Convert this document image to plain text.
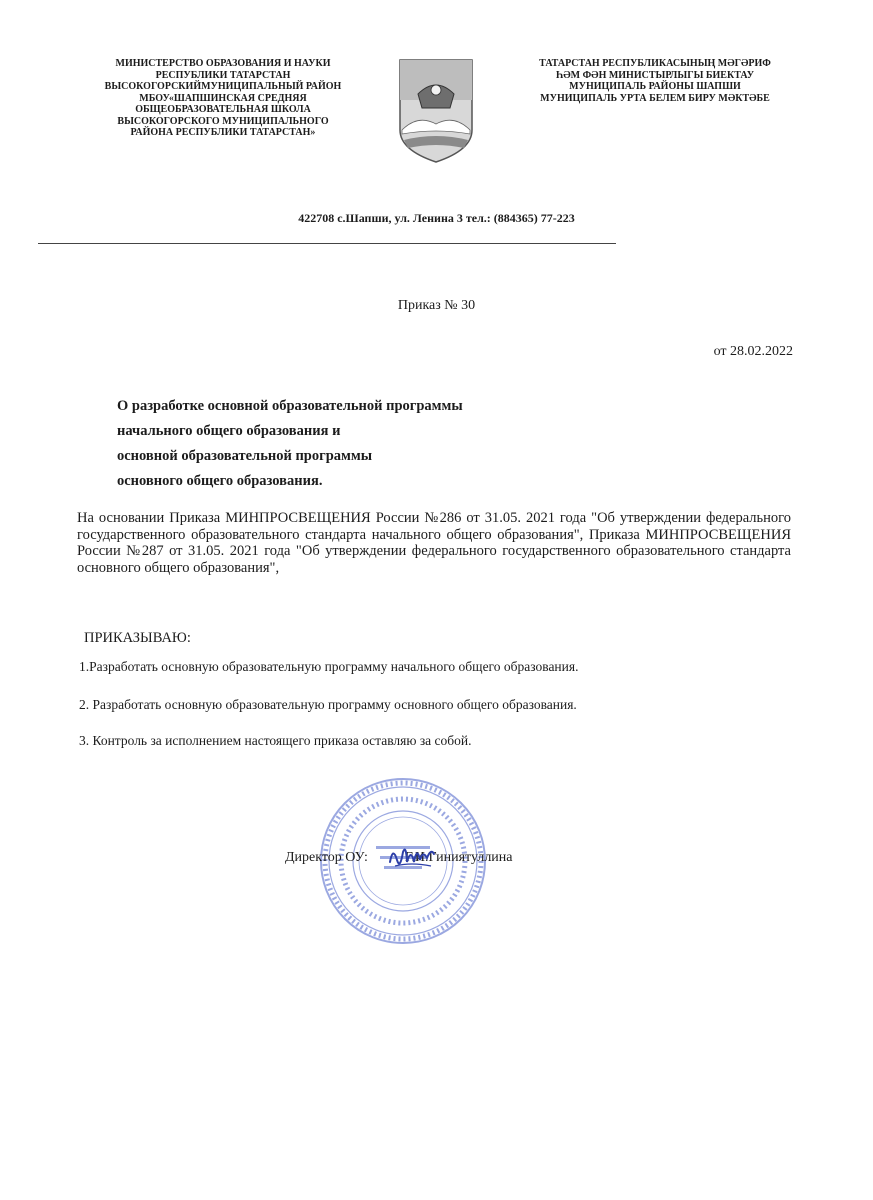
МИНИСТЕРСТВО ОБРАЗОВАНИЯ И НАУКИ
РЕСПУБЛИКИ ТАТАРСТАН
ВЫСОКОГОРСКИЙМУНИЦИПАЛЬНЫЙ РАЙОН
МБОУ«ШАПШИНСКАЯ СРЕДНЯЯ
ОБЩЕОБРАЗОВАТЕЛЬНАЯ ШКОЛА
ВЫСОКОГОРСКОГО МУНИЦИПАЛЬНОГО
РАЙОНА РЕСПУБЛИКИ ТАТАРСТАН»
ТАТАРСТАН РЕСПУБЛИКАСЫНЫҢ МӘГӘРИФ
ҺӘМ ФӘН МИНИСТЫРЛЫГЫ БИЕКТАУ
МУНИЦИПАЛЬ РАЙОНЫ ШАПШИ
МУНИЦИПАЛЬ УРТА БЕЛЕМ БИРУ МӘКТӘБЕ
422708 с.Шапши, ул. Ленина 3 тел.: (884365) 77-223
Приказ № 30
от 28.02.2022
О разработке основной образовательной программы
начального общего образования и
основной образовательной программы
основного общего образования.
На основании Приказа МИНПРОСВЕЩЕНИЯ России №286 от 31.05. 2021 года "Об утверждении федерального государственного образовательного стандарта начального общего образования", Приказа МИНПРОСВЕЩЕНИЯ России №287 от 31.05. 2021 года "Об утверждении федерального государственного образовательного стандарта основного общего образования",
ПРИКАЗЫВАЮ:
1.Разработать основную образовательную программу начального общего образования.
2. Разработать основную образовательную программу основного общего образования.
3. Контроль за исполнением настоящего приказа оставляю за собой.
Директор ОУ:	Г.И.Гиниятуллина
